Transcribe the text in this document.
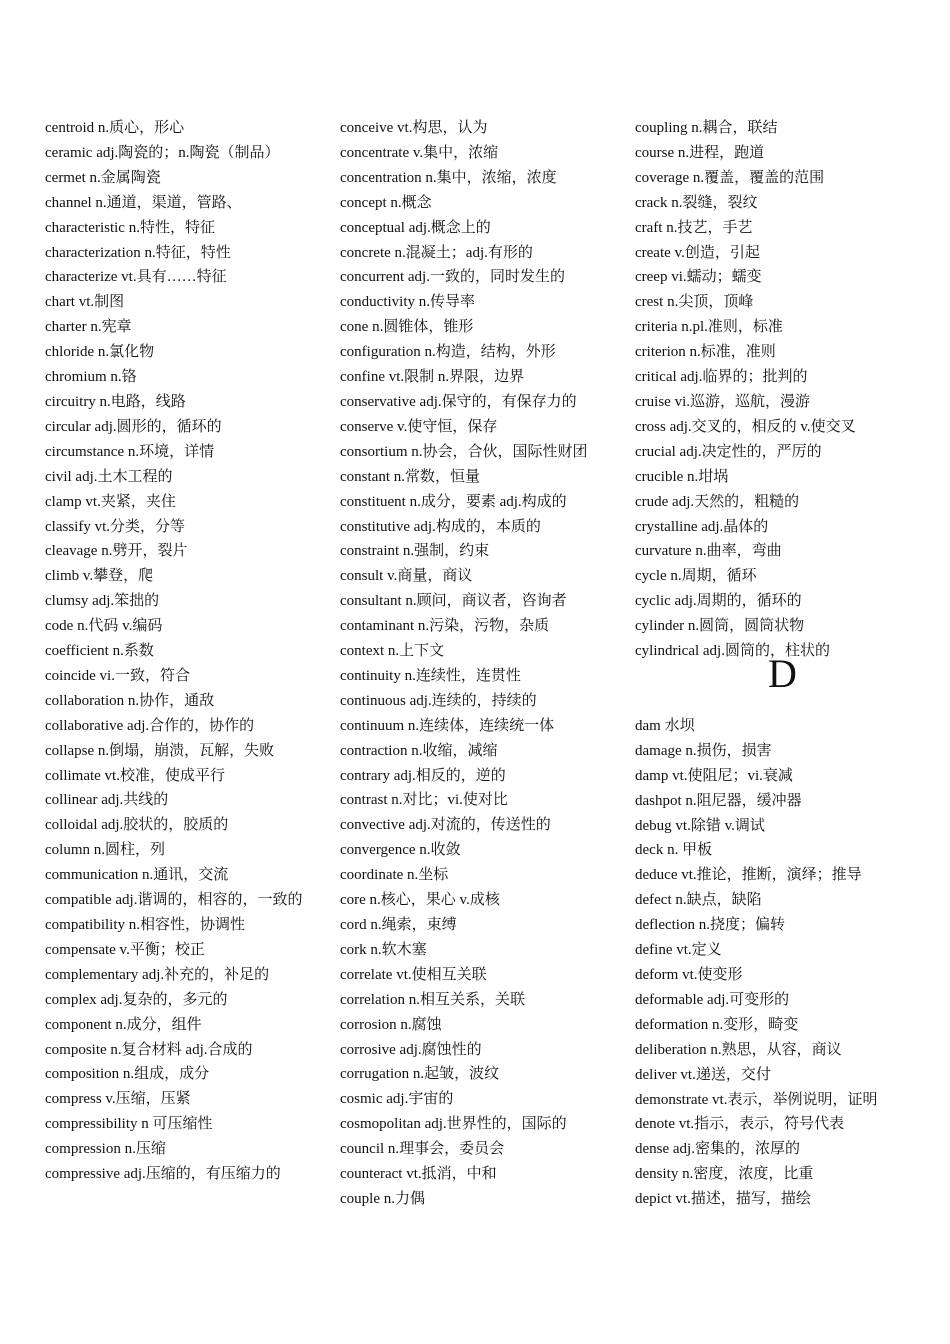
centroid n.质心，形心
ceramic adj.陶瓷的；n.陶瓷（制品）
cermet n.金属陶瓷
channel n.通道，渠道，管路、
characteristic n.特性，特征
characterization n.特征，特性
characterize vt.具有……特征
chart vt.制图
charter n.宪章
chloride n.氯化物
chromium n.铬
circuitry n.电路，线路
circular adj.圆形的，循环的
circumstance n.环境，详情
civil adj.土木工程的
clamp vt.夹紧，夹住
classify vt.分类，分等
cleavage n.劈开，裂片
climb v.攀登，爬
clumsy adj.笨拙的
code n.代码 v.编码
coefficient n.系数
coincide vi.一致，符合
collaboration n.协作，通敌
collaborative adj.合作的，协作的
collapse n.倒塌，崩溃，瓦解，失败
collimate vt.校准，使成平行
collinear adj.共线的
colloidal adj.胶状的，胶质的
column n.圆柱，列
communication n.通讯，交流
compatible adj.谐调的，相容的，一致的
compatibility n.相容性，协调性
compensate v.平衡；校正
complementary adj.补充的，补足的
complex adj.复杂的，多元的
component n.成分，组件
composite n.复合材料 adj.合成的
composition n.组成，成分
compress v.压缩，压紧
compressibility n 可压缩性
compression n.压缩
compressive adj.压缩的，有压缩力的
conceive vt.构思，认为
concentrate v.集中，浓缩
concentration n.集中，浓缩，浓度
concept n.概念
conceptual adj.概念上的
concrete n.混凝土；adj.有形的
concurrent adj.一致的，同时发生的
conductivity n.传导率
cone n.圆锥体，锥形
configuration n.构造，结构，外形
confine vt.限制 n.界限，边界
conservative adj.保守的，有保存力的
conserve v.使守恒，保存
consortium n.协会，合伙，国际性财团
constant n.常数，恒量
constituent n.成分，要素 adj.构成的
constitutive adj.构成的，本质的
constraint n.强制，约束
consult v.商量，商议
consultant n.顾问，商议者，咨询者
contaminant n.污染，污物，杂质
context n.上下文
continuity n.连续性，连贯性
continuous adj.连续的，持续的
continuum n.连续体，连续统一体
contraction n.收缩，减缩
contrary adj.相反的，逆的
contrast n.对比；vi.使对比
convective adj.对流的，传送性的
convergence n.收敛
coordinate n.坐标
core n.核心，果心 v.成核
cord n.绳索，束缚
cork n.软木塞
correlate vt.使相互关联
correlation n.相互关系，关联
corrosion n.腐蚀
corrosive adj.腐蚀性的
corrugation n.起皱，波纹
cosmic adj.宇宙的
cosmopolitan adj.世界性的，国际的
council n.理事会，委员会
counteract vt.抵消，中和
couple n.力偶
coupling n.耦合，联结
course n.进程，跑道
coverage n.覆盖，覆盖的范围
crack n.裂缝，裂纹
craft n.技艺，手艺
create v.创造，引起
creep vi.蠕动；蠕变
crest n.尖顶，顶峰
criteria n.pl.准则，标准
criterion n.标准，准则
critical adj.临界的；批判的
cruise vi.巡游，巡航，漫游
cross adj.交叉的，相反的 v.使交叉
crucial adj.决定性的，严厉的
crucible n.坩埚
crude adj.天然的，粗糙的
crystalline adj.晶体的
curvature n.曲率，弯曲
cycle n.周期，循环
cyclic adj.周期的，循环的
cylinder n.圆筒，圆筒状物
cylindrical adj.圆筒的，柱状的
D
dam 水坝
damage n.损伤，损害
damp vt.使阻尼；vi.衰减
dashpot n.阻尼器，缓冲器
debug vt.除错 v.调试
deck n. 甲板
deduce vt.推论，推断，演绎；推导
defect n.缺点，缺陷
deflection n.挠度；偏转
define vt.定义
deform vt.使变形
deformable adj.可变形的
deformation n.变形，畸变
deliberation n.熟思，从容，商议
deliver vt.递送，交付
demonstrate vt.表示，举例说明，证明
denote vt.指示，表示，符号代表
dense adj.密集的，浓厚的
density n.密度，浓度，比重
depict vt.描述，描写，描绘
